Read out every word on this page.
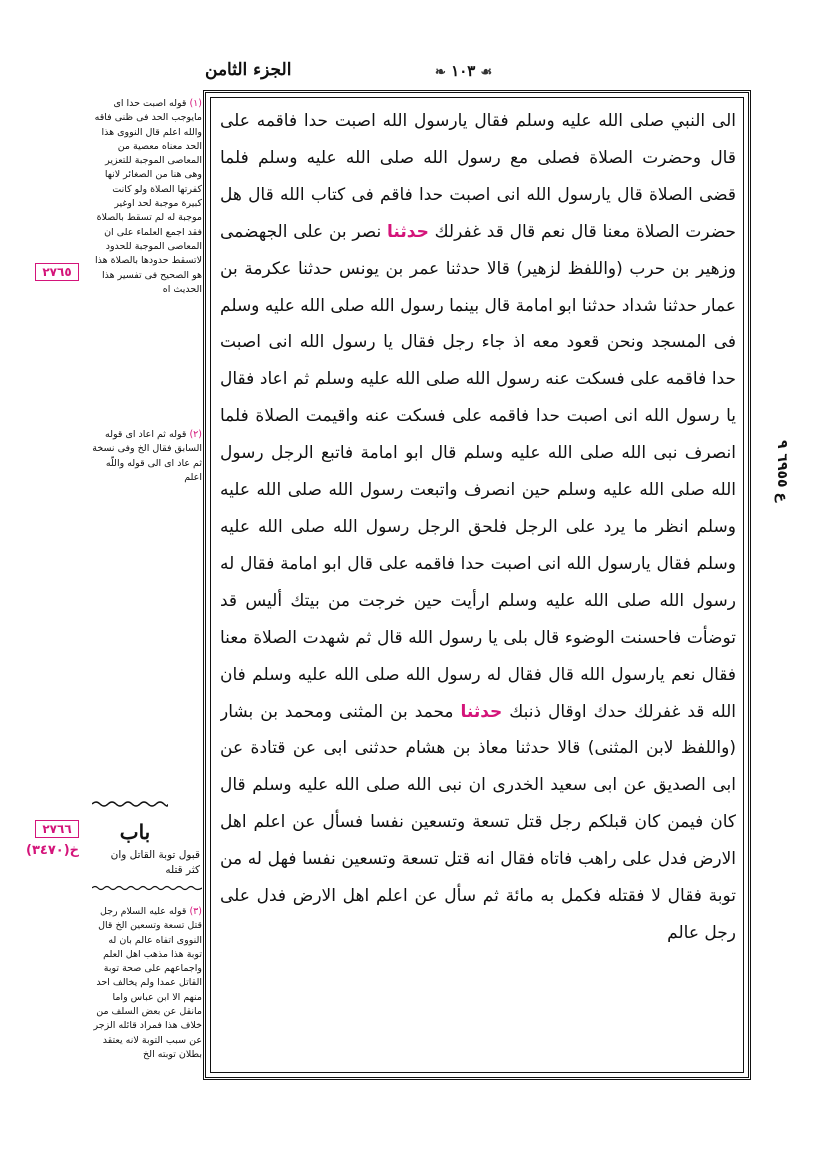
الجزء الثامن	❧ ١٠٣ ☙
الى النبي صلى الله عليه وسلم فقال يارسول الله اصبت حدا فاقمه على قال وحضرت الصلاة فصلى مع رسول الله صلى الله عليه وسلم فلما قضى الصلاة قال يارسول الله انى اصبت حدا فاقم فى كتاب الله قال هل حضرت الصلاة معنا قال نعم قال قد غفرلك حدثنا نصر بن على الجهضمى وزهير بن حرب (واللفظ لزهير) قالا حدثنا عمر بن يونس حدثنا عكرمة بن عمار حدثنا شداد حدثنا ابو امامة قال بينما رسول الله صلى الله عليه وسلم فى المسجد ونحن قعود معه اذ جاء رجل فقال يا رسول الله انى اصبت حدا فاقمه على فسكت عنه رسول الله صلى الله عليه وسلم ثم اعاد فقال يا رسول الله انى اصبت حدا فاقمه على فسكت عنه واقيمت الصلاة فلما انصرف نبى الله صلى الله عليه وسلم قال ابو امامة فاتبع الرجل رسول الله صلى الله عليه وسلم حين انصرف واتبعت رسول الله صلى الله عليه وسلم انظر ما يرد على الرجل فلحق الرجل رسول الله صلى الله عليه وسلم فقال يارسول الله انى اصبت حدا فاقمه على قال ابو امامة فقال له رسول الله صلى الله عليه وسلم ارأيت حين خرجت من بيتك أليس قد توضأت فاحسنت الوضوء قال بلى يا رسول الله قال ثم شهدت الصلاة معنا فقال نعم يارسول الله قال فقال له رسول الله صلى الله عليه وسلم فان الله قد غفرلك حدك اوقال ذنبك حدثنا محمد بن المثنى ومحمد بن بشار (واللفظ لابن المثنى) قالا حدثنا معاذ بن هشام حدثنى ابى عن قتادة عن ابى الصديق عن ابى سعيد الخدرى ان نبى الله صلى الله عليه وسلم قال كان فيمن كان قبلكم رجل قتل تسعة وتسعين نفسا فسأل عن اعلم اهل الارض فدل على راهب فاتاه فقال انه قتل تسعة وتسعين نفسا فهل له من توبة فقال لا فقتله فكمل به مائة ثم سأل عن اعلم اهل الارض فدل على رجل عالم
(١) قوله اصبت حدا اى مايوجب الحد فى ظنى فاقه والله اعلم قال النووى هذا الحد معناه معصية من المعاصى الموجبة للتعزير وهى هنا من الصغائر لانها كفرتها الصلاة ولو كانت كبيرة موجبة لحد اوغير موجبة له لم تسقط بالصلاة فقد اجمع العلماء على ان المعاصى الموجبة للحدود لاتسقط حدودها بالصلاة هذا هو الصحيح فى تفسير هذا الحديث اه
(٢) قوله ثم اعاد اى قوله السابق فقال الخ وفى نسخة ثم عاد اى الى قوله واللّه اعلم
باب
قبول توبة القاتل وان كثر قتله
(٣) قوله عليه السلام رجل قتل تسعة وتسعين الخ قال النووى اتفاه عالم بان له توبة هذا مذهب اهل العلم واجماعهم على صحة توبة القاتل عمدا ولم يخالف احد منهم الا ابن عباس واما مانقل عن بعض السلف من خلاف هذا فمراد قائله الزجر عن سبب التوبة لانه يعتقد بطلان توبته الخ
٢٧٦٥
٢٧٦٦
خ(٣٤٧٠)
ع ٦٩٥٥ ٩
